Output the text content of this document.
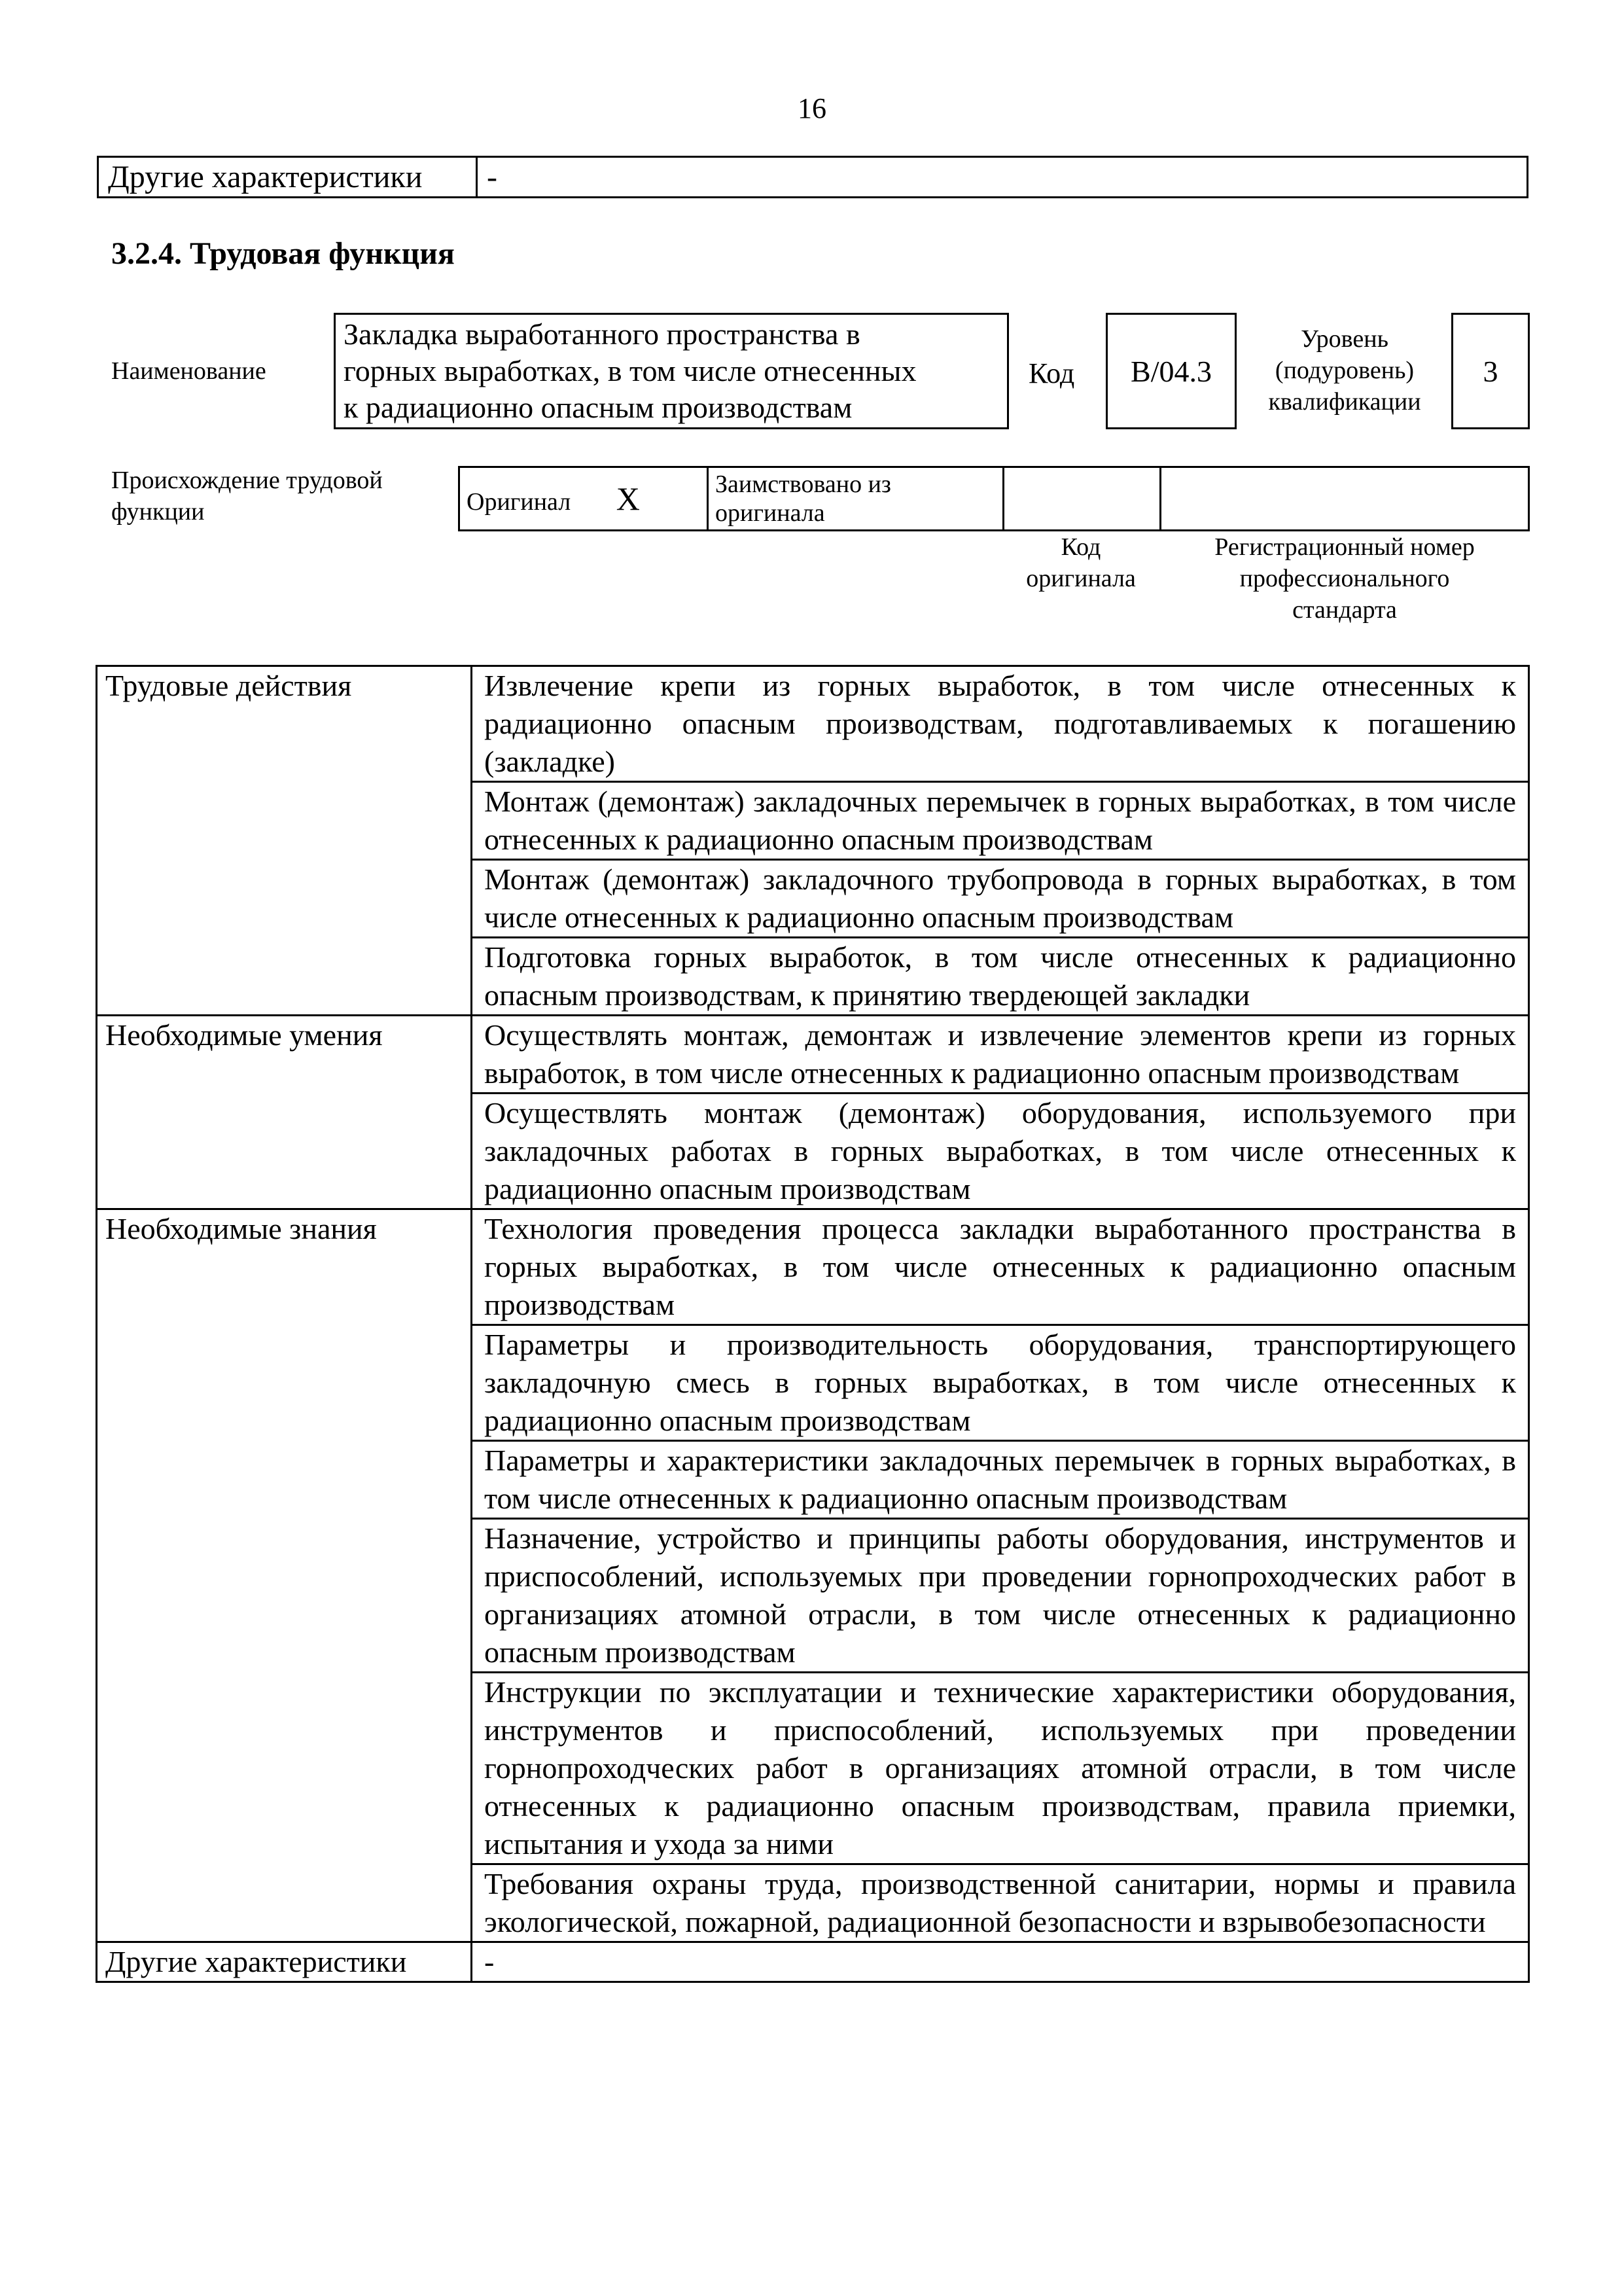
16
Другие характеристики	-
3.2.4. Трудовая функция
Наименование
Закладка выработанного пространства в
горных выработках, в том числе отнесенных
к радиационно опасным производствам
Код	B/04.3
Уровень
(подуровень)
квалификации
3
Происхождение трудовой
функции	Оригинал X	Заимствовано из
оригинала

Код
оригинала
Регистрационный номер
профессионального
стандарта
Трудовые действия	Извлечение крепи из горных выработок, в том числе отнесенных к радиационно опасным производствам, подготавливаемых к погашению (закладке)
	Монтаж (демонтаж) закладочных перемычек в горных выработках, в том числе отнесенных к радиационно опасным производствам
	Монтаж (демонтаж) закладочного трубопровода в горных выработках, в том числе отнесенных к радиационно опасным производствам
	Подготовка горных выработок, в том числе отнесенных к радиационно опасным производствам, к принятию твердеющей закладки
Необходимые умения	Осуществлять монтаж, демонтаж и извлечение элементов крепи из горных выработок, в том числе отнесенных к радиационно опасным производствам
	Осуществлять монтаж (демонтаж) оборудования, используемого при закладочных работах в горных выработках, в том числе отнесенных к радиационно опасным производствам
Необходимые знания	Технология проведения процесса закладки выработанного пространства в горных выработках, в том числе отнесенных к радиационно опасным производствам
	Параметры и производительность оборудования, транспортирующего закладочную смесь в горных выработках, в том числе отнесенных к радиационно опасным производствам
	Параметры и характеристики закладочных перемычек в горных выработках, в том числе отнесенных к радиационно опасным производствам
	Назначение, устройство и принципы работы оборудования, инструментов и приспособлений, используемых при проведении горнопроходческих работ в организациях атомной отрасли, в том числе отнесенных к радиационно опасным производствам
	Инструкции по эксплуатации и технические характеристики оборудования, инструментов и приспособлений, используемых при проведении горнопроходческих работ в организациях атомной отрасли, в том числе отнесенных к радиационно опасным производствам, правила приемки, испытания и ухода за ними
	Требования охраны труда, производственной санитарии, нормы и правила экологической, пожарной, радиационной безопасности и взрывобезопасности
Другие характеристики	-
